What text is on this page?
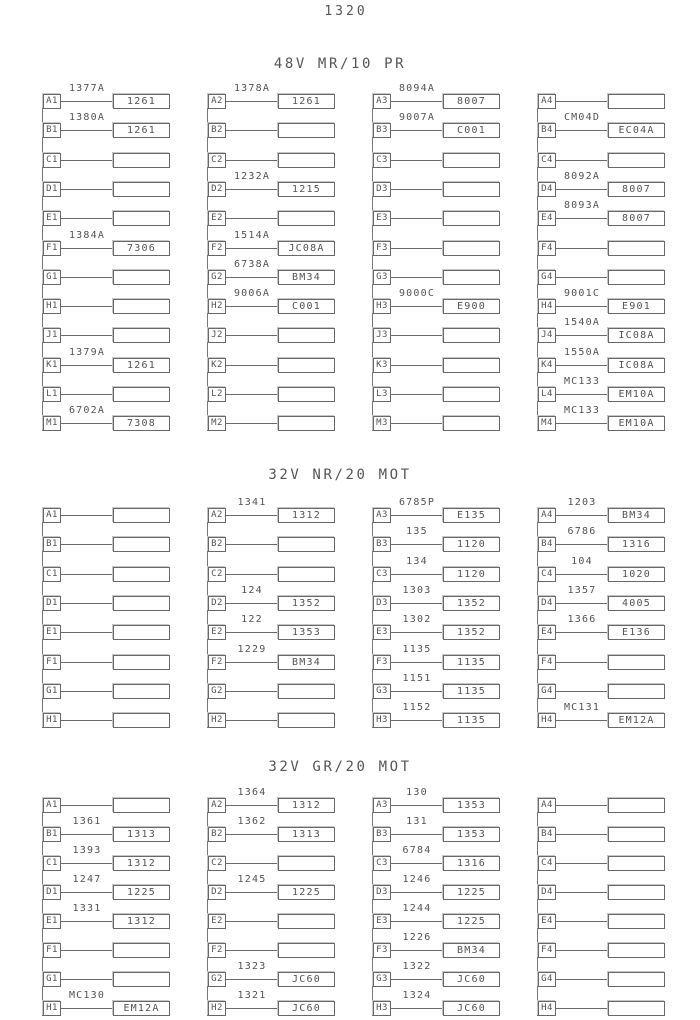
1320
48V MR/10 PR
32V NR/20 MOT
32V GR/20 MOT
A1
1377A
1261
B1
1380A
1261
C1
D1
E1
F1
1384A
7306
G1
H1
J1
K1
1379A
1261
L1
M1
6702A
7308
A2
1378A
1261
B2
C2
D2
1232A
1215
E2
F2
1514A
JC08A
G2
6738A
BM34
H2
9006A
C001
J2
K2
L2
M2
A3
8094A
8007
B3
9007A
C001
C3
D3
E3
F3
G3
H3
9000C
E900
J3
K3
L3
M3
A4
B4
CM04D
EC04A
C4
D4
8092A
8007
E4
8093A
8007
F4
G4
H4
9001C
E901
J4
1540A
IC08A
K4
1550A
IC08A
L4
MC133
EM10A
M4
MC133
EM10A
A1
B1
C1
D1
E1
F1
G1
H1
A2
1341
1312
B2
C2
D2
124
1352
E2
122
1353
F2
1229
BM34
G2
H2
A3
6785P
E135
B3
135
1120
C3
134
1120
D3
1303
1352
E3
1302
1352
F3
1135
1135
G3
1151
1135
H3
1152
1135
A4
1203
BM34
B4
6786
1316
C4
104
1020
D4
1357
4005
E4
1366
E136
F4
G4
H4
MC131
EM12A
A1
B1
1361
1313
C1
1393
1312
D1
1247
1225
E1
1331
1312
F1
G1
H1
MC130
EM12A
A2
1364
1312
B2
1362
1313
C2
D2
1245
1225
E2
F2
G2
1323
JC60
H2
1321
JC60
A3
130
1353
B3
131
1353
C3
6784
1316
D3
1246
1225
E3
1244
1225
F3
1226
BM34
G3
1322
JC60
H3
1324
JC60
A4
B4
C4
D4
E4
F4
G4
H4
